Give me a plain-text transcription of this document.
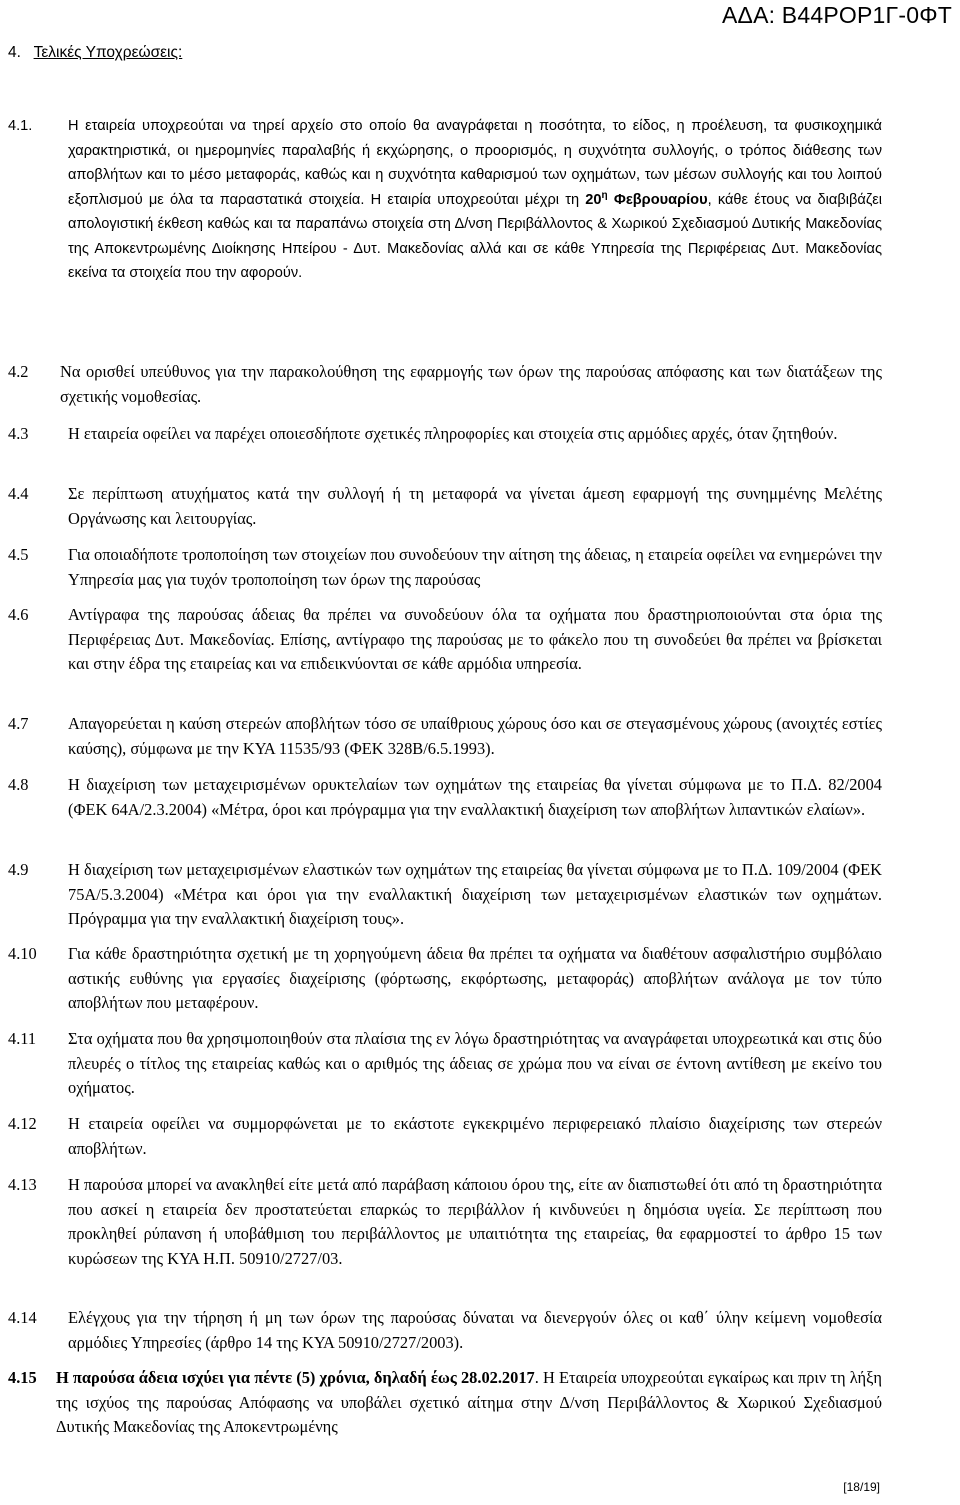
ΑΔΑ: Β44ΡΟΡ1Γ-0ΦΤ
4. Τελικές Υποχρεώσεις:
4.1. Η εταιρεία υποχρεούται να τηρεί αρχείο στο οποίο θα αναγράφεται η ποσότητα, το είδος, η προέλευση, τα φυσικοχημικά χαρακτηριστικά, οι ημερομηνίες παραλαβής ή εκχώρησης, ο προορισμός, η συχνότητα συλλογής, ο τρόπος διάθεσης των αποβλήτων και το μέσο μεταφοράς, καθώς και η συχνότητα καθαρισμού των οχημάτων, των μέσων συλλογής και του λοιπού εξοπλισμού με όλα τα παραστατικά στοιχεία. Η εταιρία υποχρεούται μέχρι τη $20^\eta$ Φεβρουαρίου, κάθε έτους να διαβιβάζει απολογιστική έκθεση καθώς και τα παραπάνω στοιχεία στη Δ/νση Περιβάλλοντος & Χωρικού Σχεδιασμού Δυτικής Μακεδονίας της Αποκεντρωμένης Διοίκησης Ηπείρου - Δυτ. Μακεδονίας αλλά και σε κάθε Υπηρεσία της Περιφέρειας Δυτ. Μακεδονίας εκείνα τα στοιχεία που την αφορούν.
4.2 Να ορισθεί υπεύθυνος για την παρακολούθηση της εφαρμογής των όρων της παρούσας απόφασης και των διατάξεων της σχετικής νομοθεσίας.
4.3 Η εταιρεία οφείλει να παρέχει οποιεσδήποτε σχετικές πληροφορίες και στοιχεία στις αρμόδιες αρχές, όταν ζητηθούν.
4.4 Σε περίπτωση ατυχήματος κατά την συλλογή ή τη μεταφορά να γίνεται άμεση εφαρμογή της συνημμένης Μελέτης Οργάνωσης και λειτουργίας.
4.5 Για οποιαδήποτε τροποποίηση των στοιχείων που συνοδεύουν την αίτηση της άδειας, η εταιρεία οφείλει να ενημερώνει την Υπηρεσία μας για τυχόν τροποποίηση των όρων της παρούσας
4.6 Αντίγραφα της παρούσας άδειας θα πρέπει να συνοδεύουν όλα τα οχήματα που δραστηριοποιούνται στα όρια της Περιφέρειας Δυτ. Μακεδονίας. Επίσης, αντίγραφο της παρούσας με το φάκελο που τη συνοδεύει θα πρέπει να βρίσκεται και στην έδρα της εταιρείας και να επιδεικνύονται σε κάθε αρμόδια υπηρεσία.
4.7 Απαγορεύεται η καύση στερεών αποβλήτων τόσο σε υπαίθριους χώρους όσο και σε στεγασμένους χώρους (ανοιχτές εστίες καύσης), σύμφωνα με την ΚΥΑ 11535/93 (ΦΕΚ 328Β/6.5.1993).
4.8 Η διαχείριση των μεταχειρισμένων ορυκτελαίων των οχημάτων της εταιρείας θα γίνεται σύμφωνα με το Π.Δ. 82/2004 (ΦΕΚ 64Α/2.3.2004) «Μέτρα, όροι και πρόγραμμα για την εναλλακτική διαχείριση των αποβλήτων λιπαντικών ελαίων».
4.9 Η διαχείριση των μεταχειρισμένων ελαστικών των οχημάτων της εταιρείας θα γίνεται σύμφωνα με το Π.Δ. 109/2004 (ΦΕΚ 75Α/5.3.2004) «Μέτρα και όροι για την εναλλακτική διαχείριση των μεταχειρισμένων ελαστικών των οχημάτων. Πρόγραμμα για την εναλλακτική διαχείριση τους».
4.10 Για κάθε δραστηριότητα σχετική με τη χορηγούμενη άδεια θα πρέπει τα οχήματα να διαθέτουν ασφαλιστήριο συμβόλαιο αστικής ευθύνης για εργασίες διαχείρισης (φόρτωσης, εκφόρτωσης, μεταφοράς) αποβλήτων ανάλογα με τον τύπο αποβλήτων που μεταφέρουν.
4.11 Στα οχήματα που θα χρησιμοποιηθούν στα πλαίσια της εν λόγω δραστηριότητας να αναγράφεται υποχρεωτικά και στις δύο πλευρές ο τίτλος της εταιρείας καθώς και ο αριθμός της άδειας σε χρώμα που να είναι σε έντονη αντίθεση με εκείνο του οχήματος.
4.12 Η εταιρεία οφείλει να συμμορφώνεται με το εκάστοτε εγκεκριμένο περιφερειακό πλαίσιο διαχείρισης των στερεών αποβλήτων.
4.13 Η παρούσα μπορεί να ανακληθεί είτε μετά από παράβαση κάποιου όρου της, είτε αν διαπιστωθεί ότι από τη δραστηριότητα που ασκεί η εταιρεία δεν προστατεύεται επαρκώς το περιβάλλον ή κινδυνεύει η δημόσια υγεία. Σε περίπτωση που προκληθεί ρύπανση ή υποβάθμιση του περιβάλλοντος με υπαιτιότητα της εταιρείας, θα εφαρμοστεί το άρθρο 15 των κυρώσεων της ΚΥΑ Η.Π. 50910/2727/03.
4.14 Ελέγχους για την τήρηση ή μη των όρων της παρούσας δύναται να διενεργούν όλες οι καθ΄ ύλην κείμενη νομοθεσία αρμόδιες Υπηρεσίες (άρθρο 14 της ΚΥΑ 50910/2727/2003).
4.15 Η παρούσα άδεια ισχύει για πέντε (5) χρόνια, δηλαδή έως 28.02.2017. Η Εταιρεία υποχρεούται εγκαίρως και πριν τη λήξη της ισχύος της παρούσας Απόφασης να υποβάλει σχετικό αίτημα στην Δ/νση Περιβάλλοντος & Χωρικού Σχεδιασμού Δυτικής Μακεδονίας της Αποκεντρωμένης
[18/19]
